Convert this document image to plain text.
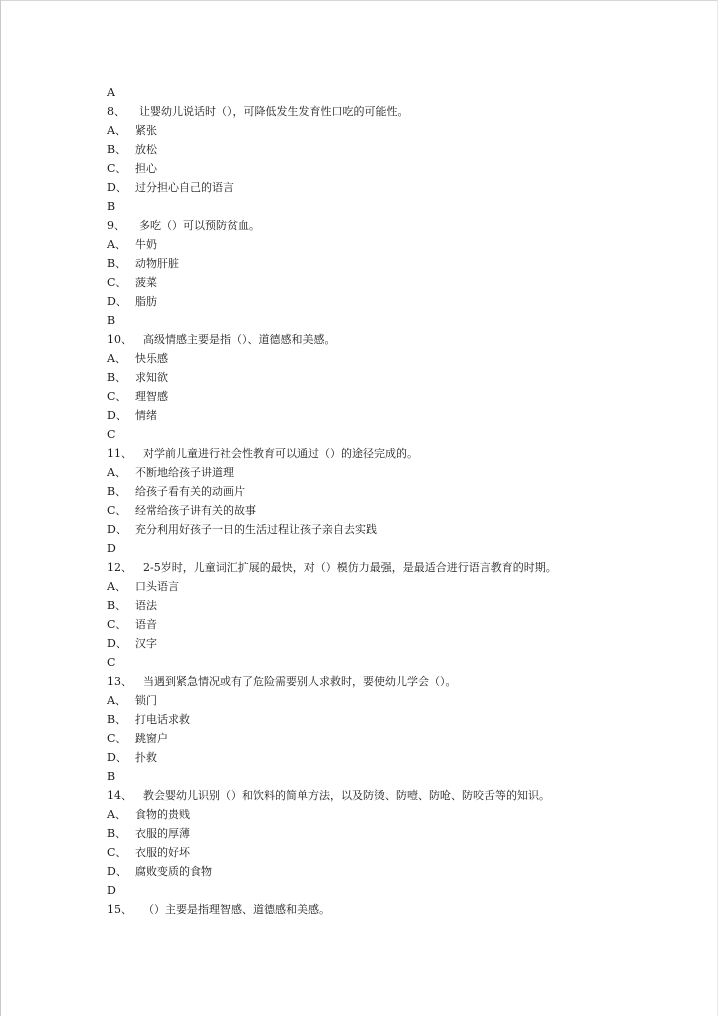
A
8、 让婴幼儿说话时（），可降低发生发育性口吃的可能性。
A、 紧张
B、 放松
C、 担心
D、 过分担心自己的语言
B
9、 多吃（）可以预防贫血。
A、 牛奶
B、 动物肝脏
C、 菠菜
D、 脂肪
B
10、 高级情感主要是指（）、道德感和美感。
A、 快乐感
B、 求知欲
C、 理智感
D、 情绪
C
11、 对学前儿童进行社会性教育可以通过（）的途径完成的。
A、 不断地给孩子讲道理
B、 给孩子看有关的动画片
C、 经常给孩子讲有关的故事
D、 充分利用好孩子一日的生活过程让孩子亲自去实践
D
12、 2-5岁时，儿童词汇扩展的最快，对（）模仿力最强，是最适合进行语言教育的时期。
A、 口头语言
B、 语法
C、 语音
D、 汉字
C
13、 当遇到紧急情况或有了危险需要别人求救时，要使幼儿学会（）。
A、 锁门
B、 打电话求救
C、 跳窗户
D、 扑救
B
14、 教会婴幼儿识别（）和饮料的简单方法，以及防烫、防噎、防呛、防咬舌等的知识。
A、 食物的贵贱
B、 衣服的厚薄
C、 衣服的好坏
D、 腐败变质的食物
D
15、 （）主要是指理智感、道德感和美感。
